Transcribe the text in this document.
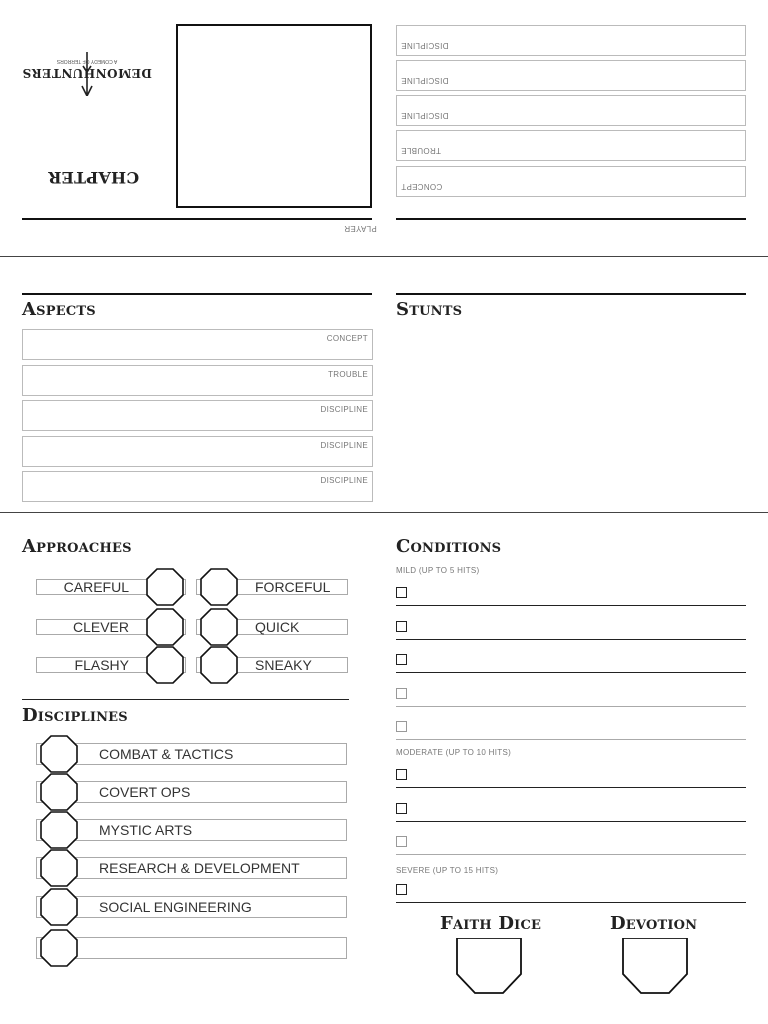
DEMONHUNTERS
A COMEDY OF TERRORS
CHAPTER
PLAYER
DISCIPLINE
DISCIPLINE
DISCIPLINE
TROUBLE
CONCEPT
Aspects
CONCEPT
TROUBLE
DISCIPLINE
DISCIPLINE
DISCIPLINE
Stunts
Approaches
CAREFUL
CLEVER
FLASHY
FORCEFUL
QUICK
SNEAKY
Disciplines
COMBAT & TACTICS
COVERT OPS
MYSTIC ARTS
RESEARCH & DEVELOPMENT
SOCIAL ENGINEERING
Conditions
MILD (UP TO 5 HITS)
MODERATE (UP TO 10 HITS)
SEVERE (UP TO 15 HITS)
Faith Dice	Devotion
